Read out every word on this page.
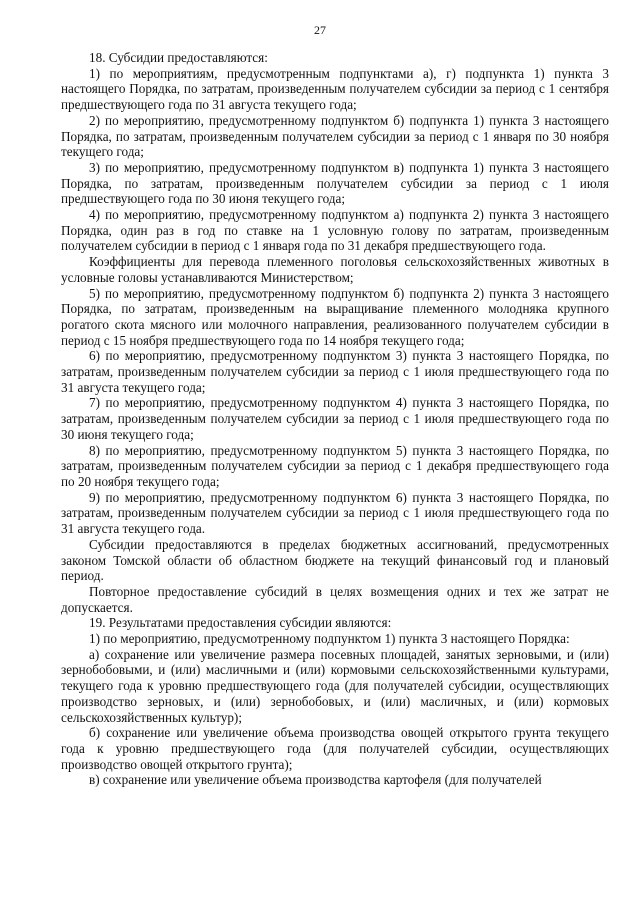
27

18. Субсидии предоставляются:

1) по мероприятиям, предусмотренным подпунктами а), г) подпункта 1) пункта 3 настоящего Порядка, по затратам, произведенным получателем субсидии за период с 1 сентября предшествующего года по 31 августа текущего года;

2) по мероприятию, предусмотренному подпунктом б) подпункта 1) пункта 3 настоящего Порядка, по затратам, произведенным получателем субсидии за период с 1 января по 30 ноября текущего года;

3) по мероприятию, предусмотренному подпунктом в) подпункта 1) пункта 3 настоящего Порядка, по затратам, произведенным получателем субсидии за период с 1 июля предшествующего года по 30 июня текущего года;

4) по мероприятию, предусмотренному подпунктом а) подпункта 2) пункта 3 настоящего Порядка, один раз в год по ставке на 1 условную голову по затратам, произведенным получателем субсидии в период с 1 января года по 31 декабря предшествующего года.

Коэффициенты для перевода племенного поголовья сельскохозяйственных животных в условные головы устанавливаются Министерством;

5) по мероприятию, предусмотренному подпунктом б) подпункта 2) пункта 3 настоящего Порядка, по затратам, произведенным на выращивание племенного молодняка крупного рогатого скота мясного или молочного направления, реализованного получателем субсидии в период с 15 ноября предшествующего года по 14 ноября текущего года;

6) по мероприятию, предусмотренному подпунктом 3) пункта 3 настоящего Порядка, по затратам, произведенным получателем субсидии за период с 1 июля предшествующего года по 31 августа текущего года;

7) по мероприятию, предусмотренному подпунктом 4) пункта 3 настоящего Порядка, по затратам, произведенным получателем субсидии за период с 1 июля предшествующего года по 30 июня текущего года;

8) по мероприятию, предусмотренному подпунктом 5) пункта 3 настоящего Порядка, по затратам, произведенным получателем субсидии за период с 1 декабря предшествующего года по 20 ноября текущего года;

9) по мероприятию, предусмотренному подпунктом 6) пункта 3 настоящего Порядка, по затратам, произведенным получателем субсидии за период с 1 июля предшествующего года по 31 августа текущего года.

Субсидии предоставляются в пределах бюджетных ассигнований, предусмотренных законом Томской области об областном бюджете на текущий финансовый год и плановый период.

Повторное предоставление субсидий в целях возмещения одних и тех же затрат не допускается.

19. Результатами предоставления субсидии являются:

1) по мероприятию, предусмотренному подпунктом 1) пункта 3 настоящего Порядка:

а) сохранение или увеличение размера посевных площадей, занятых зерновыми, и (или) зернобобовыми, и (или) масличными и (или) кормовыми сельскохозяйственными культурами, текущего года к уровню предшествующего года (для получателей субсидии, осуществляющих производство зерновых, и (или) зернобобовых, и (или) масличных, и (или) кормовых сельскохозяйственных культур);

б) сохранение или увеличение объема производства овощей открытого грунта текущего года к уровню предшествующего года (для получателей субсидии, осуществляющих производство овощей открытого грунта);

в) сохранение или увеличение объема производства картофеля (для получателей
